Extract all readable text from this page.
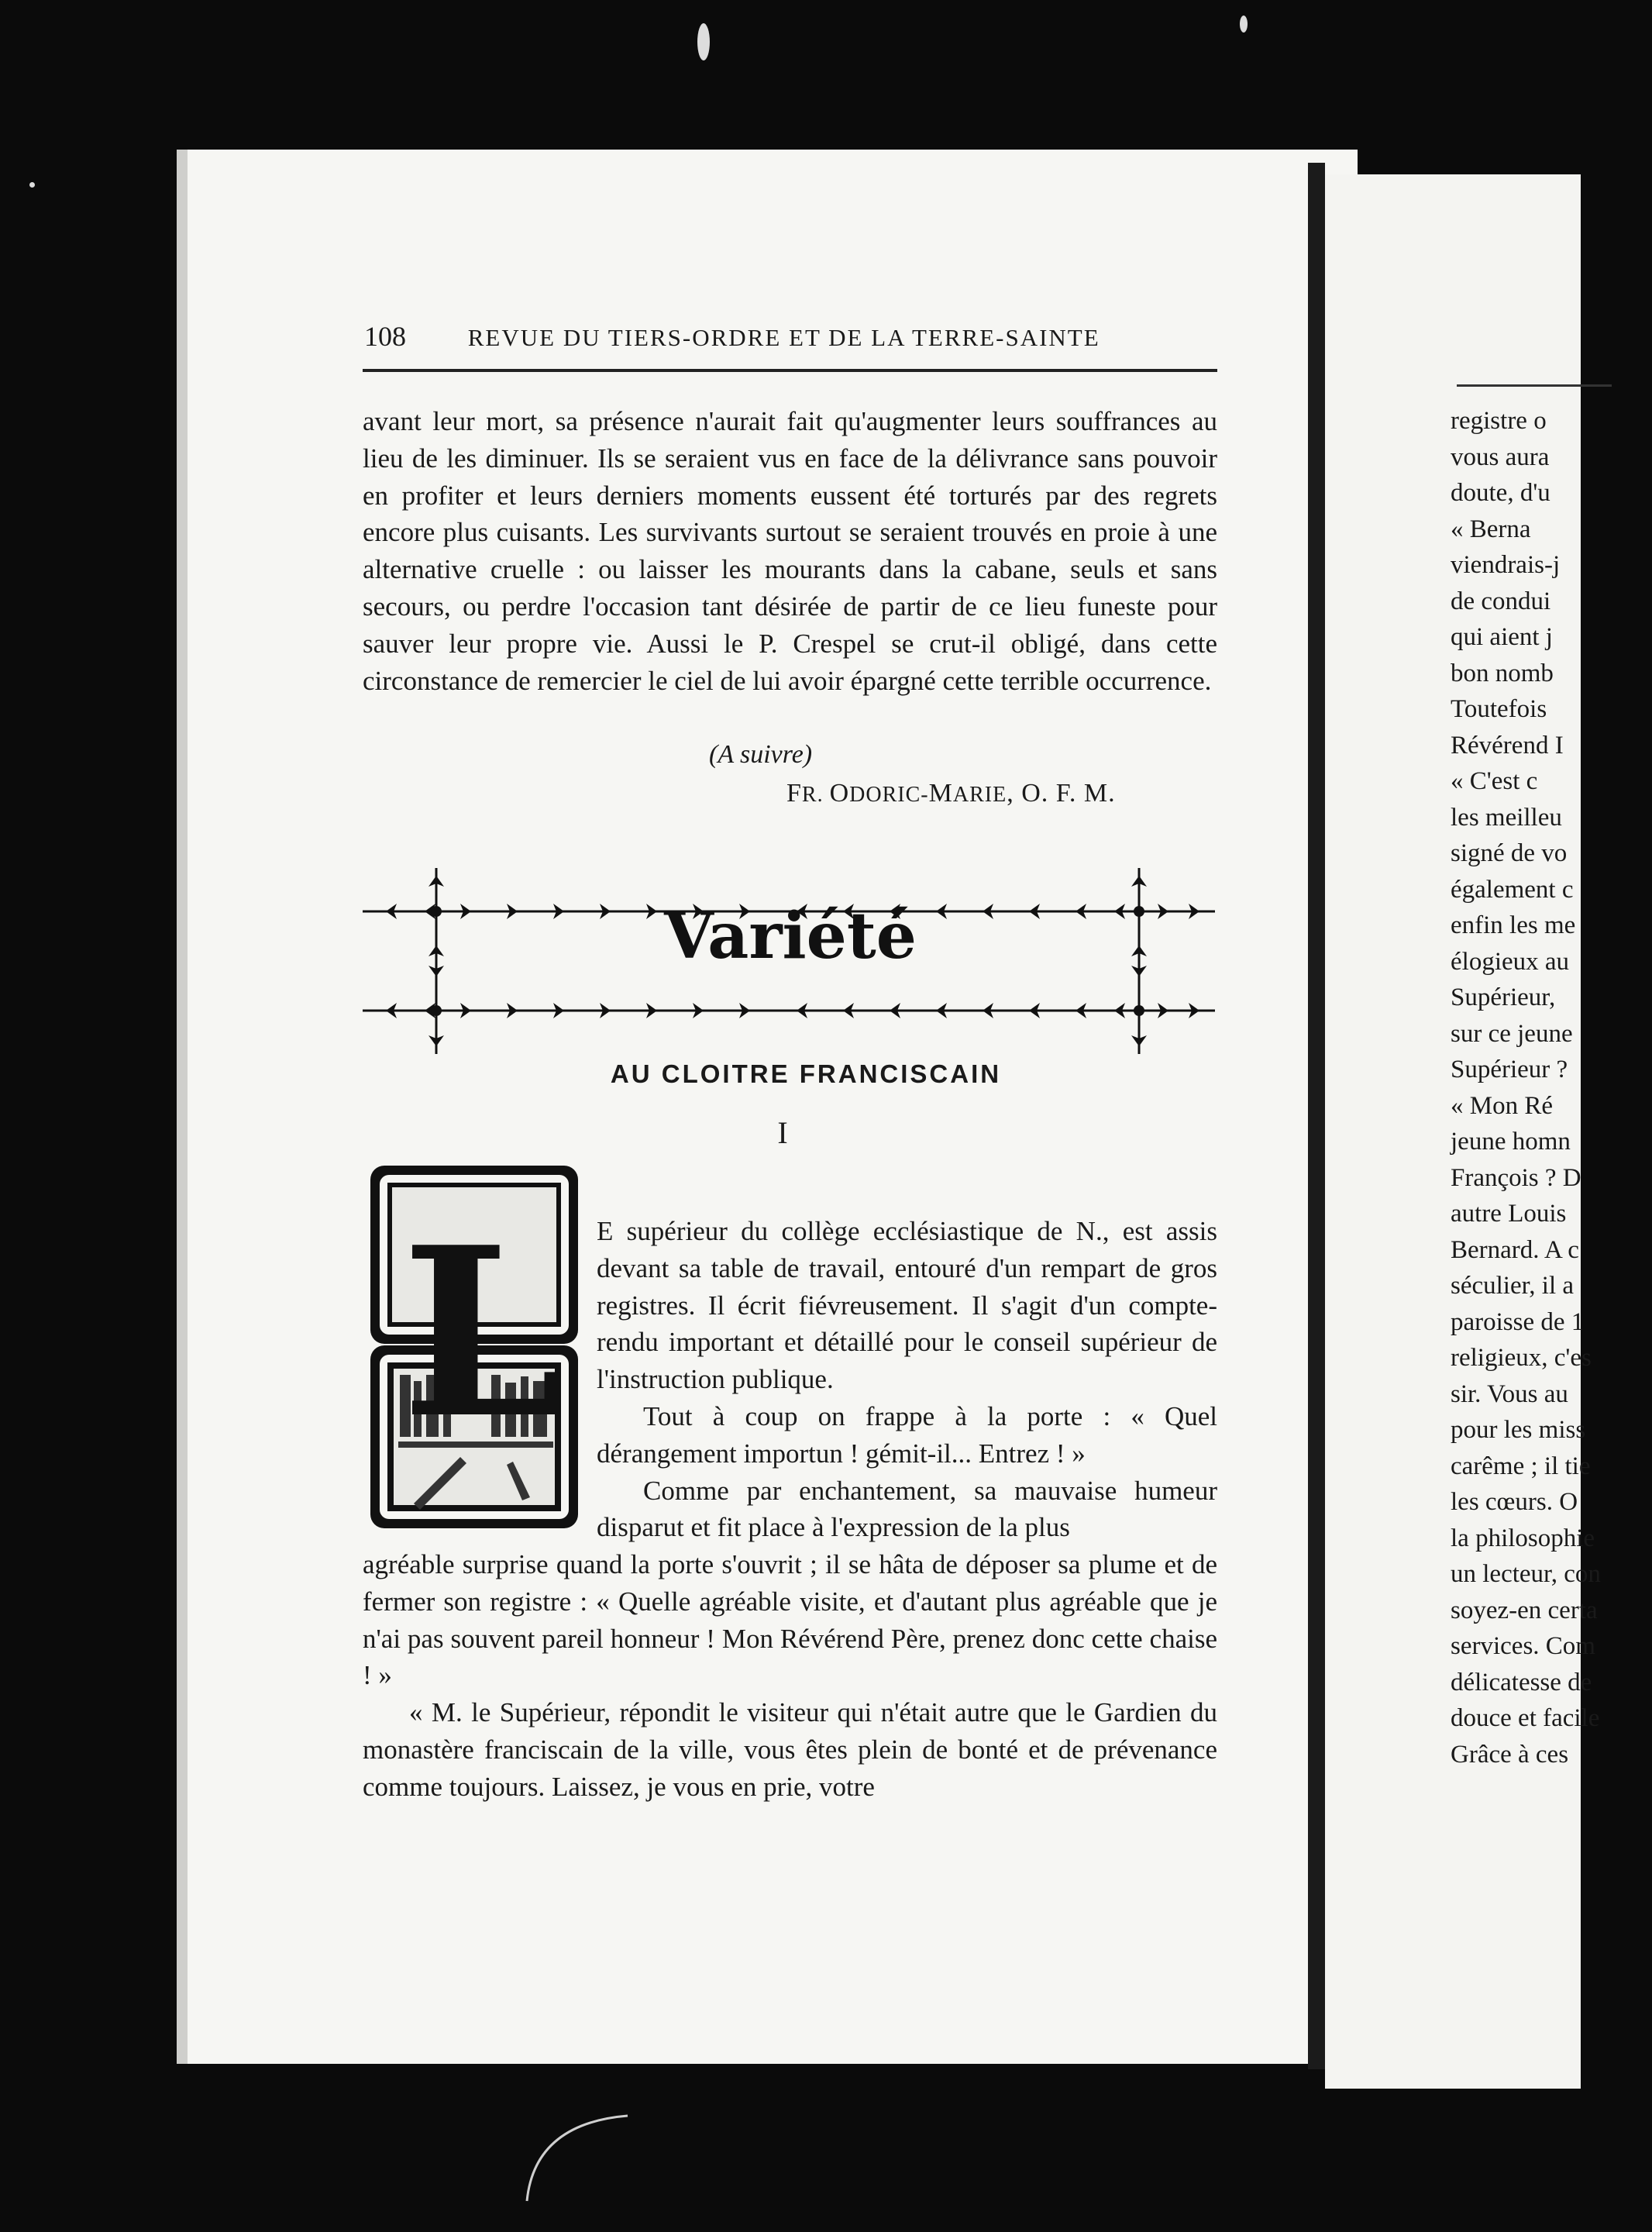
108	REVUE DU TIERS-ORDRE ET DE LA TERRE-SAINTE

avant leur mort, sa présence n'aurait fait qu'augmenter leurs souffrances au lieu de les diminuer. Ils se seraient vus en face de la délivrance sans pouvoir en profiter et leurs derniers moments eussent été torturés par des regrets encore plus cuisants. Les survivants surtout se seraient trouvés en proie à une alternative cruelle : ou laisser les mourants dans la cabane, seuls et sans secours, ou perdre l'occasion tant désirée de partir de ce lieu funeste pour sauver leur propre vie. Aussi le P. Crespel se crut-il obligé, dans cette circonstance de remercier le ciel de lui avoir épargné cette terrible occurrence.

(A suivre)
FR. ODORIC-MARIE, O. F. M.
Variété
AU CLOITRE FRANCISCAIN
I
L E supérieur du collège ecclésiastique de N., est assis devant sa table de travail, entouré d'un rempart de gros registres. Il écrit fiévreusement. Il s'agit d'un compte-rendu important et détaillé pour le conseil supérieur de l'instruction publique.

Tout à coup on frappe à la porte : « Quel dérangement importun ! gémit-il... Entrez ! »

Comme par enchantement, sa mauvaise humeur disparut et fit place à l'expression de la plus

agréable surprise quand la porte s'ouvrit ; il se hâta de déposer sa plume et de fermer son registre : « Quelle agréable visite, et d'autant plus agréable que je n'ai pas souvent pareil honneur ! Mon Révérend Père, prenez donc cette chaise ! »

« M. le Supérieur, répondit le visiteur qui n'était autre que le Gardien du monastère franciscain de la ville, vous êtes plein de bonté et de prévenance comme toujours. Laissez, je vous en prie, votre

registre o
vous aura
doute, d'u
« Berna
viendrais-j
de condui
qui aient j
bon nomb
Toutefois
Révérend I
« C'est c
les meilleu
signé de vo
également c
enfin les me
élogieux au
Supérieur,
sur ce jeune
Supérieur ?
« Mon Ré
jeune homn
François ? D
autre Louis
Bernard. A c
séculier, il a
paroisse de 1
religieux, c'es
sir. Vous au
pour les miss
carême ; il tie
les cœurs. O
la philosophie
un lecteur, con
soyez-en certa
services. Com
délicatesse de
douce et facile
Grâce à ces
